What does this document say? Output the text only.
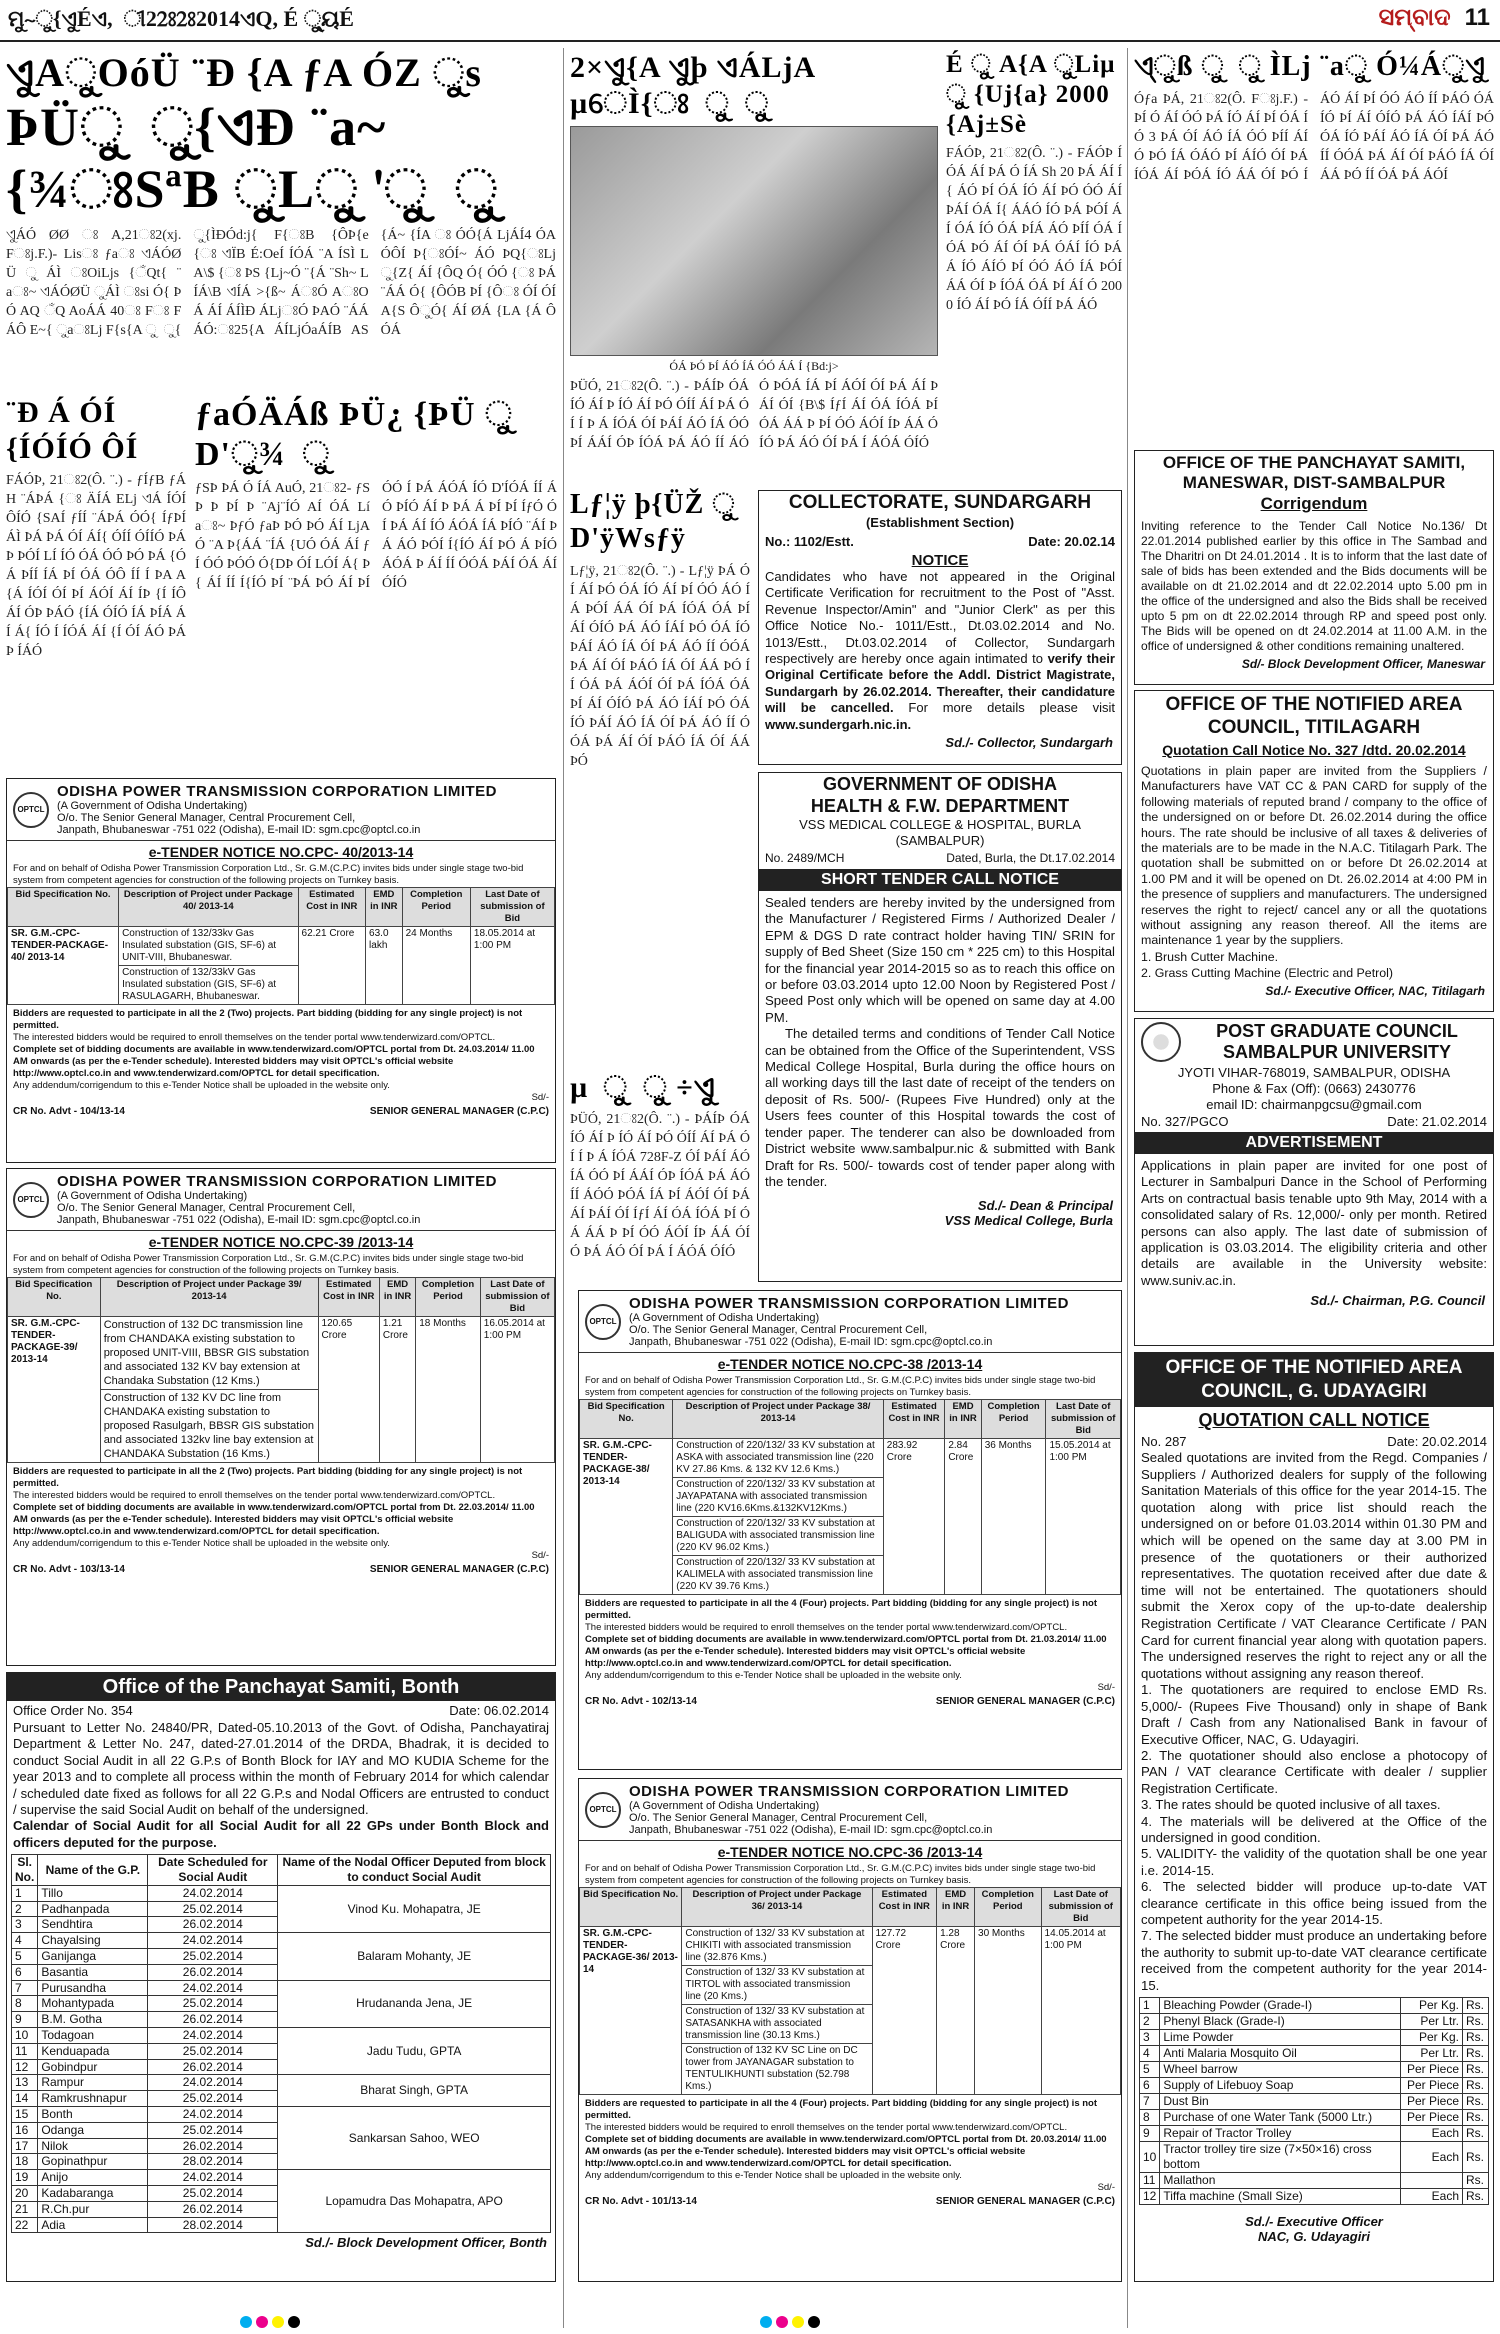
ମୁ~ୁ{ଏୁÉଏ, ୀ22ଃ2ଃ2014ଏQ, É ୁ୍ୟÉ	ସମ୍ବାଦ 11
ଏୁAୁOóÜ ¨Ð {A ƒA ÓZ ୁs
ÞÜୁ ୁ{ଏÐ ¨a~ {¾ଃSªB ୁLୁ 'ୁ ୁ
ଏୁÁÓ ØØ ଃ A,21ଃ2(xj.Fଃj.F.)- Lisଃ ƒaଃ ଏÁÓØÜ ୁ ÁÌ ଃOiLjs {ଁQt{ ¨aଃ~ ଏÁÓØÜ ୁÁÌ ଃsi Ó{ ÞÓ AQ ଁQ AoÁÁ 40ଃ Fଃ FÁÔ E~{ ୁaଃLj F{s{A ୁ ୁ{ ୁ{ÌÐÓd:j{ F{ଃB {ÔÞ{e {ଃ ଏÏB É:OeÍ ÍÓÁ ¨A ÍSÌ LA\$ {ଃ ÞS {Lj~Ó ¨{Á ¨Sh~ LÍÁ\B ଏÍÁ >{ß~ ÁଃÓ AଃOÁ ÁÍ ÁÍÌÐ ÁLjଃÓ ÞAÓ ¨ÁÁ ÁÓ:ଃ25{A ÁÍLjÓaÁÍB AS{Á~ {ÍA ଃ ÓÓ{Á LjÁÍ4 ÓA ÓÔÍ Þ{ଃÓÍ~ ÁÓ ÞQ{ଃLj ୁ{Z{ ÁÍ {ÔQ Ó{ ÓÓ {ଃ ÞÁ ¨ÁÁ Ó{ {ÔÓB ÞÍ {Ôଃ ÓÍ ÓÍ A{S ÔୁÓ{ ÁÍ ØÁ {LA {Á ÔÓÁ
¨Ð Á ÓÍ {ÍÓÍÓ ÔÍ
FÁÓÞ, 21ଃ2(Ô. ¨.) - ƒÍƒB ƒÁ H ¨ÁÞÁ {ଃ ÄÍÁ ELj ଏÁ ÍÓÍ ÔÍÓ {SAÍ ƒÍÍ ¨ÁÞÁ ÓÓ{ ÍƒÞÍ ÁÌ ÞÁ ÞÁ ÓÍ ÁÍ{ ÓÍÍ ÓÍÍÓ ÞÁÞ ÞÓÍ LÍ ÍÓ ÓÁ ÓÓ ÞÓ ÞÁ {ÓÁ ÞÍÍ ÍÁ ÞÍ ÓÁ ÓÔ ÍÍ Í ÞA A {Á ÍÓÍ ÓÍ ÞÍ ÁÓÍ ÁÍ ÍÞ {Í ÍÔ ÁÍ ÓÞ ÞÁÓ {ÍÁ ÓÍÓ ÍÁ ÞÍÁ ÁÍ Á{ ÍÓ Í ÍÓÁ ÁÍ {Í ÓÍ ÁÓ ÞÁÞ ÍÁÓ
ƒaÓÄÁß ÞÜ¿ {ÞÜ ୁ D'ୁ¾ ୁ
ƒSÞ ÞÁ Ó ÍÁ AuÓ, 21ଃ2- ƒSÞ Þ ÞÍ Þ ¨Aj¨ÍÓ AÍ ÓÁ Líaଃ~ ÞƒÓ ƒaÞ ÞÓ ÞÓ ÁÍ LjA Ó ¨A Þ{ÁÁ ¨ÍÁ {UÓ ÓÁ ÁÍ ƒÍ ÓÓ ÞÓÓ Ó{DÞ ÓÍ LÓÍ Á{ Þ{ ÁÍ ÍÍ Í{ÍÓ ÞÍ ¨ÞÁ ÞÓ ÁÍ ÞÍ ÓÓ Í ÞÁ ÁÓÁ ÍÓ D'ÍÓÁ ÍÍ ÁÓ ÞÍÓ ÁÍ Þ ÞÁ Á ÞÍ ÞÍ ÍƒÓ ÓÍ ÞÁ ÁÍ ÍÓ ÁÓÁ ÍÁ ÞÍÓ ¨ÁÍ ÞÁ ÁÓ ÞÓÍ Í{ÍÓ ÁÍ ÞÓ Á ÞÍÓ ÁÓÁ Þ ÁÍ ÍÍ ÓÓÁ ÞÁÍ ÓÁ ÁÍ ÓÍÓ
OPTCL
ODISHA POWER TRANSMISSION CORPORATION LIMITED
(A Government of Odisha Undertaking)
O/o. The Senior General Manager, Central Procurement Cell,
Janpath, Bhubaneswar -751 022 (Odisha), E-mail ID: sgm.cpc@optcl.co.in
e-TENDER NOTICE NO.CPC- 40/2013-14

For and on behalf of Odisha Power Transmission Corporation Ltd., Sr. G.M.(C.P.C) invites bids under single stage two-bid system from competent agencies for construction of the following projects on Turnkey basis.

Bid Specification No.	Description of Project under Package 40/ 2013-14	Estimated Cost in INR	EMD in INR	Completion Period	Last Date of submission of Bid
SR. G.M.-CPC-TENDER-PACKAGE-40/ 2013-14	Construction of 132/33kv Gas Insulated substation (GIS, SF-6) at UNIT-VIII, Bhubaneswar.	62.21 Crore	63.0 lakh	24 Months	18.05.2014 at 1:00 PM
	Construction of 132/33kV Gas Insulated substation (GIS, SF-6) at RASULAGARH, Bhubaneswar.				

Bidders are requested to participate in all the 2 (Two) projects. Part bidding (bidding for any single project) is not permitted.

The interested bidders would be required to enroll themselves on the tender portal www.tenderwizard.com/OPTCL.

Complete set of bidding documents are available in www.tenderwizard.com/OPTCL portal from Dt. 24.03.2014/ 11.00 AM onwards (as per the e-Tender schedule). Interested bidders may visit OPTCL's official website http://www.optcl.co.in and www.tenderwizard.com/OPTCL for detail specification.

Any addendum/corrigendum to this e-Tender Notice shall be uploaded in the website only.

Sd/-

CR No. Advt - 104/13-14	SENIOR GENERAL MANAGER (C.P.C)
OPTCL
ODISHA POWER TRANSMISSION CORPORATION LIMITED
(A Government of Odisha Undertaking)
O/o. The Senior General Manager, Central Procurement Cell,
Janpath, Bhubaneswar -751 022 (Odisha), E-mail ID: sgm.cpc@optcl.co.in
e-TENDER NOTICE NO.CPC-39 /2013-14

For and on behalf of Odisha Power Transmission Corporation Ltd., Sr. G.M.(C.P.C) invites bids under single stage two-bid system from competent agencies for construction of the following projects on Turnkey basis.

Bid Specification No.	Description of Project under Package 39/ 2013-14	Estimated Cost in INR	EMD in INR	Completion Period	Last Date of submission of Bid
SR. G.M.-CPC-TENDER-PACKAGE-39/ 2013-14	Construction of 132 DC transmission line from CHANDAKA existing substation to proposed UNIT-VIII, BBSR GIS substation and associated 132 KV bay extension at Chandaka Substation (12 Kms.)	120.65 Crore	1.21 Crore	18 Months	16.05.2014 at 1:00 PM
	Construction of 132 KV DC line from CHANDAKA existing substation to proposed Rasulgarh, BBSR GIS substation and associated 132kv line bay extension at CHANDAKA Substation (16 Kms.)				

Bidders are requested to participate in all the 2 (Two) projects. Part bidding (bidding for any single project) is not permitted.

The interested bidders would be required to enroll themselves on the tender portal www.tenderwizard.com/OPTCL.

Complete set of bidding documents are available in www.tenderwizard.com/OPTCL portal from Dt. 22.03.2014/ 11.00 AM onwards (as per the e-Tender schedule). Interested bidders may visit OPTCL's official website http://www.optcl.co.in and www.tenderwizard.com/OPTCL for detail specification.

Any addendum/corrigendum to this e-Tender Notice shall be uploaded in the website only.

Sd/-

CR No. Advt - 103/13-14	SENIOR GENERAL MANAGER (C.P.C)
Office of the Panchayat Samiti, Bonth
Office Order No. 354	Date: 06.02.2014
Pursuant to Letter No. 24840/PR, Dated-05.10.2013 of the Govt. of Odisha, Panchayatiraj Department & Letter No. 247, dated-27.01.2014 of the DRDA, Bhadrak, it is decided to conduct Social Audit in all 22 G.P.s of Bonth Block for IAY and MO KUDIA Scheme for the year 2013 and to complete all process within the month of February 2014 for which calendar / scheduled date fixed as follows for all 22 G.P.s and Nodal Officers are entrusted to conduct / supervise the said Social Audit on behalf of the undersigned.
Calendar of Social Audit for all Social Audit for all 22 GPs under Bonth Block and officers deputed for the purpose.
Sl. No.	Name of the G.P.	Date Scheduled for Social Audit	Name of the Nodal Officer Deputed from block to conduct Social Audit
1	Tillo	24.02.2014	Vinod Ku. Mohapatra, JE
2	Padhanpada	25.02.2014	
3	Sendhtira	26.02.2014	
4	Chayalsing	24.02.2014	Balaram Mohanty, JE
5	Ganijanga	25.02.2014	
6	Basantia	26.02.2014	
7	Purusandha	24.02.2014	Hrudananda Jena, JE
8	Mohantypada	25.02.2014	
9	B.M. Gotha	26.02.2014	
10	Todagoan	24.02.2014	Jadu Tudu, GPTA
11	Kenduapada	25.02.2014	
12	Gobindpur	26.02.2014	
13	Rampur	24.02.2014	Bharat Singh, GPTA
14	Ramkrushnapur	25.02.2014	
15	Bonth	24.02.2014	Sankarsan Sahoo, WEO
16	Odanga	25.02.2014	
17	Nilok	26.02.2014	
18	Gopinathpur	28.02.2014	
19	Anijo	24.02.2014	Lopamudra Das Mohapatra, APO
20	Kadabaranga	25.02.2014	
21	R.Ch.pur	26.02.2014	
22	Adia	28.02.2014	
Sd./- Block Development Officer, Bonth
2×ଏୁ{A ଏୁþ ଏÁLjA µେÌ{ଃ ୁ ୁ
ÓÁ ÞÓ ÞÍ ÁÓ ÍÁ ÓÓ ÁÁ Í {Bd:j>
ÞÜÓ, 21ଃ2(Ô. ¨.) - ÞÁÍÞ ÓÁ ÍÓ ÁÍ Þ ÍÓ ÁÍ ÞÓ ÓÍÍ ÁÍ ÞÁ ÓÍ Í Þ Á ÍÓÁ ÓÍ ÞÁÍ ÁÓ ÍÁ ÓÓ ÞÍ ÁÁÍ ÓÞ ÍÓÁ ÞÁ ÁÓ ÍÍ ÁÓÓ ÞÓÁ ÍÁ ÞÍ ÁÓÍ ÓÍ ÞÁ ÁÍ ÞÁÍ ÓÍ {B\$ ÍƒÍ ÁÍ ÓÁ ÍÓÁ ÞÍ ÓÁ ÁÁ Þ ÞÍ ÓÓ ÁÓÍ ÍÞ ÁÁ ÓÍÓ ÞÁ ÁÓ ÓÍ ÞÁ Í ÁÓÁ ÓÍÓ
É ୁ A{A ୁLiµ ୁ {Uj{a} 2000 {Aj±Sè
FÁÓÞ, 21ଃ2(Ô. ¨.) - FÁÓÞ ÍÓÁ ÁÍ ÞÁ Ó ÍÁ Sh 20 ÞÁ ÁÍ Í{ ÁÓ ÞÍ ÓÁ ÍÓ ÁÍ ÞÓ ÓÓ ÁÍ ÞÁÍ ÓÁ Í{ ÁÁÓ ÍÓ ÞÁ ÞÓÍ ÁÍ ÓÁ ÍÓ ÓÁ ÞÍÁ ÁÓ ÞÍÍ ÓÁ ÍÓÁ ÞÓ ÁÍ ÓÍ ÞÁ ÓÁÍ ÍÓ ÞÁ Á ÍÓ ÁÍÓ ÞÍ ÓÓ ÁÓ ÍÁ ÞÓÍ ÁÁ ÓÍ Þ ÍÓÁ ÓÁ ÞÍ ÁÍ Ó 2000 ÍÓ ÁÍ ÞÓ ÍÁ ÓÍÍ ÞÁ ÁÓ
Lƒ¦ÿ þ{ÜŽ ୁ D'ÿWsƒÿ
Lƒ¦ÿ, 21ଃ2(Ô. ¨.) - Lƒ¦ÿ ÞÁ ÓÍ ÁÍ ÞÓ ÓÁ ÍÓ ÁÍ ÞÍ ÓÓ ÁÓ ÍÁ ÞÓÍ ÁÁ ÓÍ ÞÁ ÍÓÁ ÓÁ ÞÍ ÁÍ ÓÍÓ ÞÁ ÁÓ ÍÁÍ ÞÓ ÓÁ ÍÓ ÞÁÍ ÁÓ ÍÁ ÓÍ ÞÁ ÁÓ ÍÍ ÓÓÁ ÞÁ ÁÍ ÓÍ ÞÁÓ ÍÁ ÓÍ ÁÁ ÞÓ ÍÍ ÓÁ ÞÁ ÁÓÍ ÓÍ ÞÁ ÍÓÁ ÓÁ ÞÍ ÁÍ ÓÍÓ ÞÁ ÁÓ ÍÁÍ ÞÓ ÓÁ ÍÓ ÞÁÍ ÁÓ ÍÁ ÓÍ ÞÁ ÁÓ ÍÍ ÓÓÁ ÞÁ ÁÍ ÓÍ ÞÁÓ ÍÁ ÓÍ ÁÁ ÞÓ
µ ୁ ୁ ÷ଏୁ
ÞÜÓ, 21ଃ2(Ô. ¨.) - ÞÁÍÞ ÓÁ ÍÓ ÁÍ Þ ÍÓ ÁÍ ÞÓ ÓÍÍ ÁÍ ÞÁ ÓÍ Í Þ Á ÍÓÁ 728F-Z ÓÍ ÞÁÍ ÁÓ ÍÁ ÓÓ ÞÍ ÁÁÍ ÓÞ ÍÓÁ ÞÁ ÁÓ ÍÍ ÁÓÓ ÞÓÁ ÍÁ ÞÍ ÁÓÍ ÓÍ ÞÁ ÁÍ ÞÁÍ ÓÍ ÍƒÍ ÁÍ ÓÁ ÍÓÁ ÞÍ ÓÁ ÁÁ Þ ÞÍ ÓÓ ÁÓÍ ÍÞ ÁÁ ÓÍÓ ÞÁ ÁÓ ÓÍ ÞÁ Í ÁÓÁ ÓÍÓ
COLLECTORATE, SUNDARGARH
(Establishment Section)
No.: 1102/Estt.	Date: 20.02.14
NOTICE
Candidates who have not appeared in the Original Certificate Verification for recruitment to the Post of "Asst. Revenue Inspector/Amin" and "Junior Clerk" as per this Office Notice No.- 1011/Estt., Dt.03.02.2014 and No. 1013/Estt., Dt.03.02.2014 of Collector, Sundargarh respectively are hereby once again intimated to verify their Original Certificate before the Addl. District Magistrate, Sundargarh by 26.02.2014. Thereafter, their candidature will be cancelled. For more details please visit www.sundergarh.nic.in.
Sd./- Collector, Sundargarh
GOVERNMENT OF ODISHA
HEALTH & F.W. DEPARTMENT
VSS MEDICAL COLLEGE & HOSPITAL, BURLA
(SAMBALPUR)
No. 2489/MCH	Dated, Burla, the Dt.17.02.2014
SHORT TENDER CALL NOTICE
Sealed tenders are hereby invited by the undersigned from the Manufacturer / Registered Firms / Authorized Dealer / EPM & DGS D rate contract holder having TIN/ SRIN for supply of Bed Sheet (Size 150 cm * 225 cm) to this Hospital for the financial year 2014-2015 so as to reach this office on or before 03.03.2014 upto 12.00 Noon by Registered Post / Speed Post only which will be opened on same day at 4.00 PM.
The detailed terms and conditions of Tender Call Notice can be obtained from the Office of the Superintendent, VSS Medical College Hospital, Burla during the office hours on all working days till the last date of receipt of the tenders on deposit of Rs. 500/- (Rupees Five Hundred) only at the Users fees counter of this Hospital towards the cost of tender paper. The tenderer can also be downloaded from District website www.sambalpur.nic & submitted with Bank Draft for Rs. 500/- towards cost of tender paper along with the tender.
Sd./- Dean & Principal
VSS Medical College, Burla
OPTCL
ODISHA POWER TRANSMISSION CORPORATION LIMITED
(A Government of Odisha Undertaking)
O/o. The Senior General Manager, Central Procurement Cell,
Janpath, Bhubaneswar -751 022 (Odisha), E-mail ID: sgm.cpc@optcl.co.in
e-TENDER NOTICE NO.CPC-38 /2013-14

For and on behalf of Odisha Power Transmission Corporation Ltd., Sr. G.M.(C.P.C) invites bids under single stage two-bid system from competent agencies for construction of the following projects on Turnkey basis.

Bid Specification No.	Description of Project under Package 38/ 2013-14	Estimated Cost in INR	EMD in INR	Completion Period	Last Date of submission of Bid
SR. G.M.-CPC-TENDER-PACKAGE-38/ 2013-14	Construction of 220/132/ 33 KV substation at ASKA with associated transmission line (220 KV 27.86 Kms. & 132 KV 12.6 Kms.)	283.92 Crore	2.84 Crore	36 Months	15.05.2014 at 1:00 PM
	Construction of 220/132/ 33 KV substation at JAYAPATANA with associated transmission line (220 KV16.6Kms.&132KV12Kms.)				
	Construction of 220/132/ 33 KV substation at BALIGUDA with associated transmission line (220 KV 96.02 Kms.)				
	Construction of 220/132/ 33 KV substation at KALIMELA with associated transmission line (220 KV 39.76 Kms.)				

Bidders are requested to participate in all the 4 (Four) projects. Part bidding (bidding for any single project) is not permitted.

The interested bidders would be required to enroll themselves on the tender portal www.tenderwizard.com/OPTCL.

Complete set of bidding documents are available in www.tenderwizard.com/OPTCL portal from Dt. 21.03.2014/ 11.00 AM onwards (as per the e-Tender schedule). Interested bidders may visit OPTCL's official website http://www.optcl.co.in and www.tenderwizard.com/OPTCL for detail specification.

Any addendum/corrigendum to this e-Tender Notice shall be uploaded in the website only.

Sd/-

CR No. Advt - 102/13-14	SENIOR GENERAL MANAGER (C.P.C)
OPTCL
ODISHA POWER TRANSMISSION CORPORATION LIMITED
(A Government of Odisha Undertaking)
O/o. The Senior General Manager, Central Procurement Cell,
Janpath, Bhubaneswar -751 022 (Odisha), E-mail ID: sgm.cpc@optcl.co.in
e-TENDER NOTICE NO.CPC-36 /2013-14

For and on behalf of Odisha Power Transmission Corporation Ltd., Sr. G.M.(C.P.C) invites bids under single stage two-bid system from competent agencies for construction of the following projects on Turnkey basis.

Bid Specification No.	Description of Project under Package 36/ 2013-14	Estimated Cost in INR	EMD in INR	Completion Period	Last Date of submission of Bid
SR. G.M.-CPC-TENDER-PACKAGE-36/ 2013-14	Construction of 132/ 33 KV substation at CHIKITI with associated transmission line (32.876 Kms.)	127.72 Crore	1.28 Crore	30 Months	14.05.2014 at 1:00 PM
	Construction of 132/ 33 KV substation at TIRTOL with associated transmission line (20 Kms.)				
	Construction of 132/ 33 KV substation at SATASANKHA with associated transmission line (30.13 Kms.)				
	Construction of 132 KV SC Line on DC tower from JAYANAGAR substation to TENTULIKHUNTI substation (52.798 Kms.)				

Bidders are requested to participate in all the 4 (Four) projects. Part bidding (bidding for any single project) is not permitted.

The interested bidders would be required to enroll themselves on the tender portal www.tenderwizard.com/OPTCL.

Complete set of bidding documents are available in www.tenderwizard.com/OPTCL portal from Dt. 20.03.2014/ 11.00 AM onwards (as per the e-Tender schedule). Interested bidders may visit OPTCL's official website http://www.optcl.co.in and www.tenderwizard.com/OPTCL for detail specification.

Any addendum/corrigendum to this e-Tender Notice shall be uploaded in the website only.

Sd/-

CR No. Advt - 101/13-14	SENIOR GENERAL MANAGER (C.P.C)
ଏ୍ୁß ୁ ୁ ÌLj ¨aୁ Ó¼Áୁଏୁ
Óƒa ÞÁ, 21ଃ2(Ô. Fଃj.F.) - ÞÍ Ó ÁÍ ÓÓ ÞÁ ÍÓ ÁÍ ÞÍ ÓÁ ÍÓ 3 ÞÁ ÓÍ ÁÓ ÍÁ ÓÓ ÞÍÍ ÁÍ Ó ÞÓ ÍÁ ÓÁÓ ÞÍ ÁÍÓ ÓÍ ÞÁ ÍÓÁ ÁÍ ÞÓÁ ÍÓ ÁÁ ÓÍ ÞÓ ÍÁÓ ÁÍ ÞÍ ÓÓ ÁÓ ÍÍ ÞÁÓ ÓÁ ÍÓ ÞÍ ÁÍ ÓÍÓ ÞÁ ÁÓ ÍÁÍ ÞÓ ÓÁ ÍÓ ÞÁÍ ÁÓ ÍÁ ÓÍ ÞÁ ÁÓ ÍÍ ÓÓÁ ÞÁ ÁÍ ÓÍ ÞÁÓ ÍÁ ÓÍ ÁÁ ÞÓ ÍÍ ÓÁ ÞÁ ÁÓÍ
OFFICE OF THE PANCHAYAT SAMITI,
MANESWAR, DIST-SAMBALPUR
Corrigendum
Inviting reference to the Tender Call Notice No.136/ Dt 22.01.2014 published earlier by this office in The Sambad and The Dharitri on Dt 24.01.2014 . It is to inform that the last date of sale of bids has been extended and the Bids documents will be available on dt 21.02.2014 and dt 22.02.2014 upto 5.00 pm in the office of the undersigned and also the Bids shall be received upto 5 pm on dt 22.02.2014 through RP and speed post only. The Bids will be opened on dt 24.02.2014 at 11.00 A.M. in the office of undersigned & other conditions remaining unaltered.
Sd/- Block Development Officer, Maneswar
OFFICE OF THE NOTIFIED AREA
COUNCIL, TITILAGARH
Quotation Call Notice No. 327 /dtd. 20.02.2014
Quotations in plain paper are invited from the Suppliers / Manufacturers have VAT CC & PAN CARD for supply of the following materials of reputed brand / company to the office of the undersigned on or before Dt. 26.02.2014 during the office hours. The rate should be inclusive of all taxes & deliveries of the materials are to be made in the N.A.C. Titilagarh Park. The quotation shall be submitted on or before Dt 26.02.2014 at 1.00 PM and it will be opened on Dt. 26.02.2014 at 4:00 PM in the presence of suppliers and manufacturers. The undersigned reserves the right to reject/ cancel any or all the quotations without assigning any reason thereof. All the items are maintenance 1 year by the suppliers.
1. Brush Cutter Machine.
2. Grass Cutting Machine (Electric and Petrol)
Sd./- Executive Officer, NAC, Titilagarh
POST GRADUATE COUNCIL
SAMBALPUR UNIVERSITY
JYOTI VIHAR-768019, SAMBALPUR, ODISHA
Phone & Fax (Off): (0663) 2430776
email ID: chairmanpgcsu@gmail.com
No. 327/PGCO	Date: 21.02.2014
ADVERTISEMENT
Applications in plain paper are invited for one post of Lecturer in Sambalpuri Dance in the School of Performing Arts on contractual basis tenable upto 9th May, 2014 with a consolidated salary of Rs. 12,000/- only per month. Retired persons can also apply. The last date of submission of application is 03.03.2014. The eligibility criteria and other details are available in the University website: www.suniv.ac.in.
Sd./- Chairman, P.G. Council
OFFICE OF THE NOTIFIED AREA
COUNCIL, G. UDAYAGIRI
QUOTATION CALL NOTICE
No. 287	Date: 20.02.2014
Sealed quotations are invited from the Regd. Companies / Suppliers / Authorized dealers for supply of the following Sanitation Materials of this office for the year 2014-15. The quotation along with price list should reach the undersigned on or before 01.03.2014 within 01.30 PM and which will be opened on the same day at 3.00 PM in presence of the quotationers or their authorized representatives. The quotation received after due date & time will not be entertained. The quotationers should submit the Xerox copy of the up-to-date dealership Registration Certificate / VAT Clearance Certificate / PAN Card for current financial year along with quotation papers. The undersigned reserves the right to reject any or all the quotations without assigning any reason thereof.
1. The quotationers are required to enclose EMD Rs. 5,000/- (Rupees Five Thousand) only in shape of Bank Draft / Cash from any Nationalised Bank in favour of Executive Officer, NAC, G. Udayagiri.
2. The quotationer should also enclose a photocopy of PAN / VAT clearance Certificate with dealer / supplier Registration Certificate.
3. The rates should be quoted inclusive of all taxes.
4. The materials will be delivered at the Office of the undersigned in good condition.
5. VALIDITY- the validity of the quotation shall be one year i.e. 2014-15.
6. The selected bidder will produce up-to-date VAT clearance certificate in this office being issued from the competent authority for the year 2014-15.
7. The selected bidder must produce an undertaking before the authority to submit up-to-date VAT clearance certificate received from the competent authority for the year 2014-15.
1	Bleaching Powder (Grade-I)	Per Kg.	Rs.
2	Phenyl Black (Grade-I)	Per Ltr.	Rs.
3	Lime Powder	Per Kg.	Rs.
4	Anti Malaria Mosquito Oil	Per Ltr.	Rs.
5	Wheel barrow	Per Piece	Rs.
6	Supply of Lifebuoy Soap	Per Piece	Rs.
7	Dust Bin	Per Piece	Rs.
8	Purchase of one Water Tank (5000 Ltr.)	Per Piece	Rs.
9	Repair of Tractor Trolley	Each	Rs.
10	Tractor trolley tire size (7×50×16) cross bottom	Each	Rs.
11	Mallathon		Rs.
12	Tiffa machine (Small Size)	Each	Rs.
Sd./- Executive Officer
NAC, G. Udayagiri
